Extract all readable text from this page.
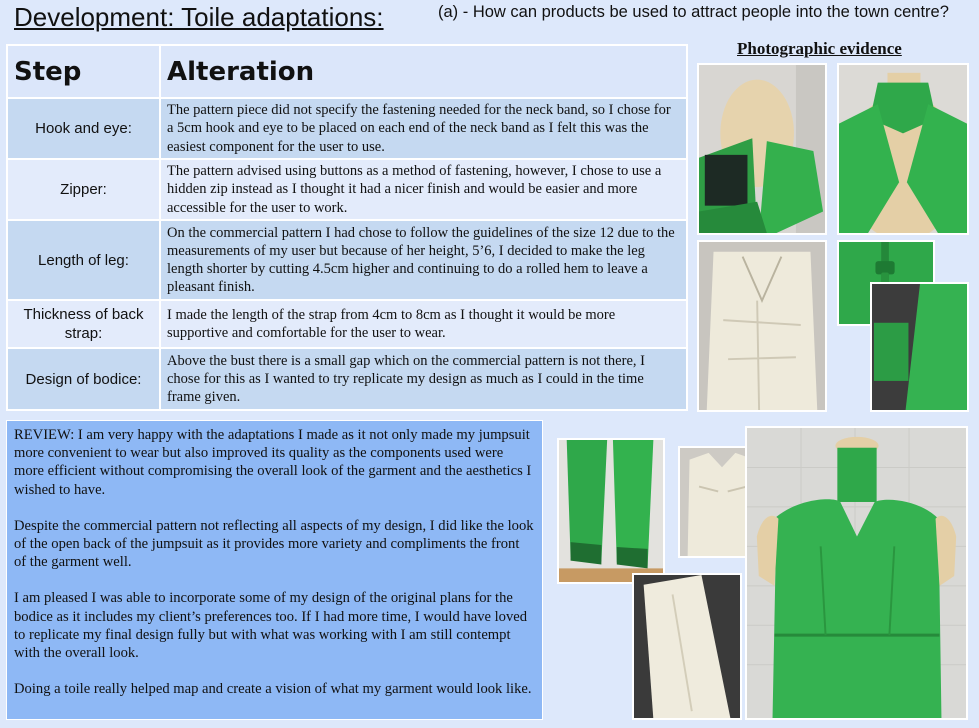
Development: Toile adaptations:	(a) - How can products be used to attract people into the town centre?
Photographic evidence
Step	Alteration
Hook and eye:	The pattern piece did not specify the fastening needed for the neck band, so I chose for a 5cm hook and eye to be placed on each end of the neck band as I felt this was the easiest component for the user to use.
Zipper:	The pattern advised using buttons as a method of fastening, however, I chose to use a hidden zip instead as I thought it had a nicer finish and would be easier and more accessible for the user to work.
Length of leg:	On the commercial pattern I had chose to follow the guidelines of the size 12 due to the measurements of my user but because of her height, 5’6, I decided to make the leg length shorter by cutting 4.5cm higher and continuing to do a rolled hem to leave a pleasant finish.
Thickness of back strap:	I made the length of the strap from 4cm to 8cm as I thought it would be more supportive and comfortable for the user to wear.
Design of bodice:	Above the bust there is a small gap which on the commercial pattern is not there, I chose for this as I wanted to try replicate my design as much as I could in the time frame given.

REVIEW: I am very happy with the adaptations I made as it not only made my jumpsuit more convenient to wear but also improved its quality as the components used were more efficient without compromising the overall look of the garment and the aesthetics I wished to have.

Despite the commercial pattern not reflecting all aspects of my design, I did like the look of the open back of the jumpsuit as it provides more variety and compliments the front of the garment well.

I am pleased I was able to incorporate some of my design of the original plans for the bodice as it includes my client’s preferences too. If I had more time, I would have loved to replicate my final design fully but with what was working with I am still contempt with the overall look.

Doing a toile really helped map and create a vision of what my garment would look like.
